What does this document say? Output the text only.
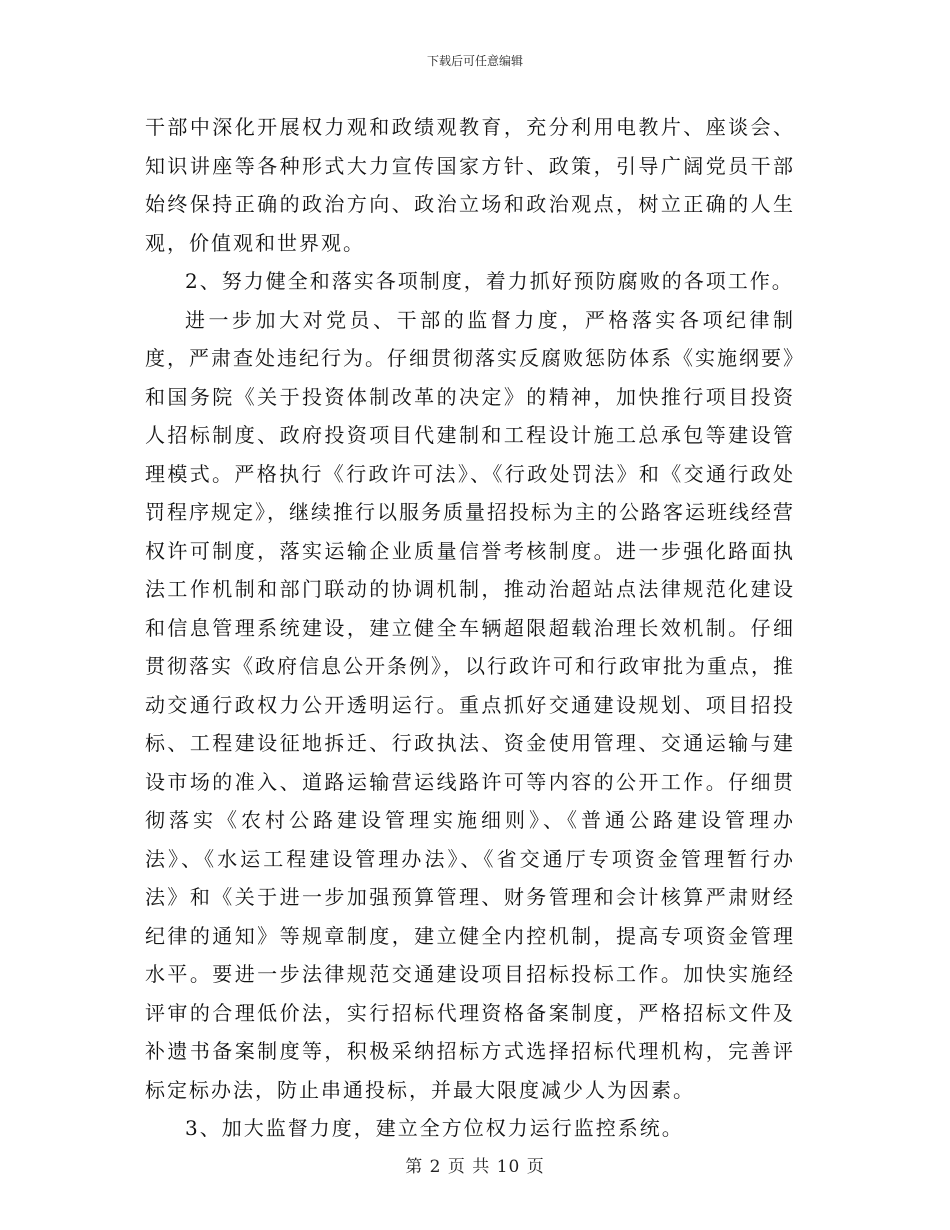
下载后可任意编辑

干部中深化开展权力观和政绩观教育，充分利用电教片、座谈会、知识讲座等各种形式大力宣传国家方针、政策，引导广阔党员干部始终保持正确的政治方向、政治立场和政治观点，树立正确的人生观，价值观和世界观。

2、努力健全和落实各项制度，着力抓好预防腐败的各项工作。

进一步加大对党员、干部的监督力度，严格落实各项纪律制度，严肃查处违纪行为。仔细贯彻落实反腐败惩防体系《实施纲要》和国务院《关于投资体制改革的决定》的精神，加快推行项目投资人招标制度、政府投资项目代建制和工程设计施工总承包等建设管理模式。严格执行《行政许可法》、《行政处罚法》和《交通行政处罚程序规定》，继续推行以服务质量招投标为主的公路客运班线经营权许可制度，落实运输企业质量信誉考核制度。进一步强化路面执法工作机制和部门联动的协调机制，推动治超站点法律规范化建设和信息管理系统建设，建立健全车辆超限超载治理长效机制。仔细贯彻落实《政府信息公开条例》，以行政许可和行政审批为重点，推动交通行政权力公开透明运行。重点抓好交通建设规划、项目招投标、工程建设征地拆迁、行政执法、资金使用管理、交通运输与建设市场的准入、道路运输营运线路许可等内容的公开工作。仔细贯彻落实《农村公路建设管理实施细则》、《普通公路建设管理办法》、《水运工程建设管理办法》、《省交通厅专项资金管理暂行办法》和《关于进一步加强预算管理、财务管理和会计核算严肃财经纪律的通知》等规章制度，建立健全内控机制，提高专项资金管理水平。要进一步法律规范交通建设项目招标投标工作。加快实施经评审的合理低价法，实行招标代理资格备案制度，严格招标文件及补遗书备案制度等，积极采纳招标方式选择招标代理机构，完善评标定标办法，防止串通投标，并最大限度减少人为因素。

3、加大监督力度，建立全方位权力运行监控系统。

第 2 页 共 10 页
